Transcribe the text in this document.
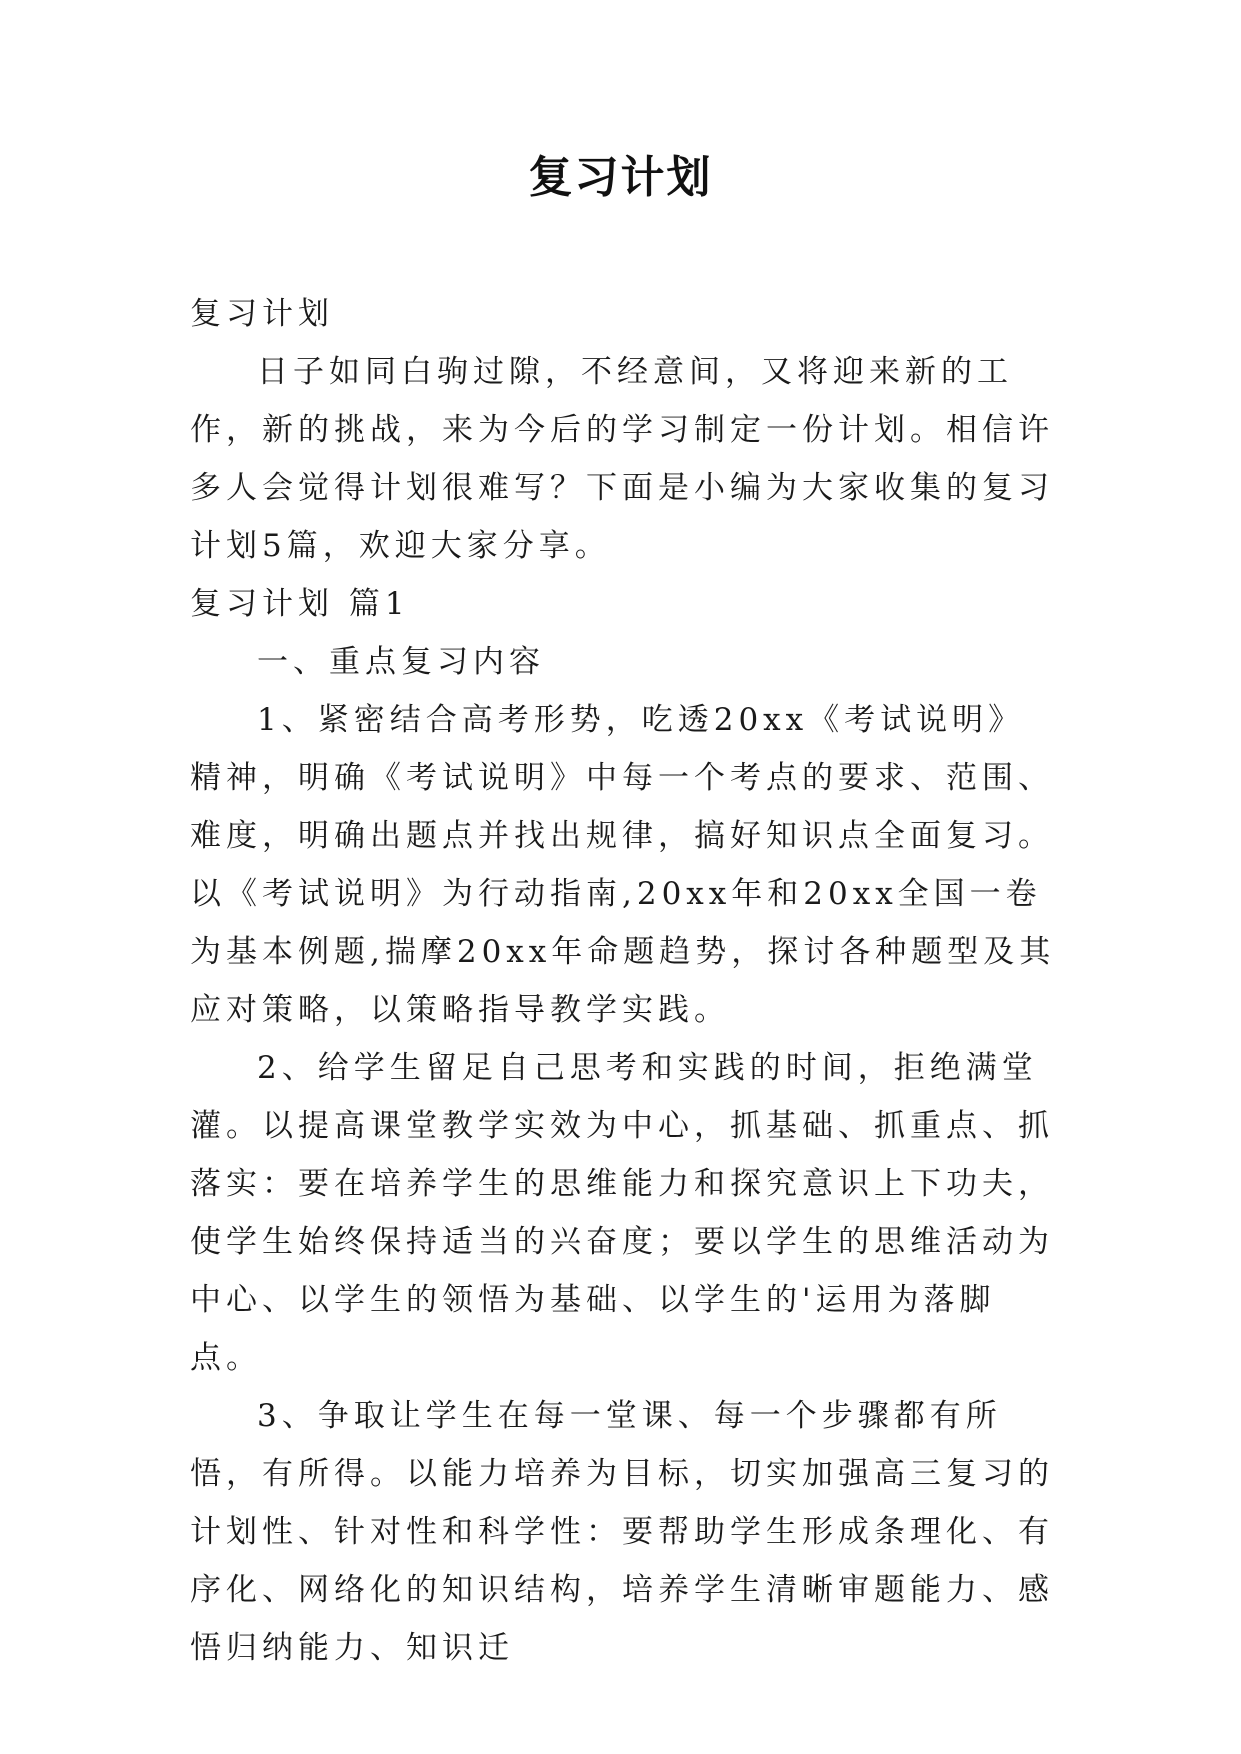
复习计划

复习计划

日子如同白驹过隙，不经意间，又将迎来新的工作，新的挑战，来为今后的学习制定一份计划。相信许多人会觉得计划很难写？下面是小编为大家收集的复习计划5篇，欢迎大家分享。

复习计划 篇1

一、重点复习内容

1、紧密结合高考形势，吃透20xx《考试说明》精神，明确《考试说明》中每一个考点的要求、范围、难度，明确出题点并找出规律，搞好知识点全面复习。以《考试说明》为行动指南,20xx年和20xx全国一卷为基本例题,揣摩20xx年命题趋势，探讨各种题型及其应对策略，以策略指导教学实践。

2、给学生留足自己思考和实践的时间，拒绝满堂灌。以提高课堂教学实效为中心，抓基础、抓重点、抓落实：要在培养学生的思维能力和探究意识上下功夫，使学生始终保持适当的兴奋度；要以学生的思维活动为中心、以学生的领悟为基础、以学生的'运用为落脚点。

3、争取让学生在每一堂课、每一个步骤都有所悟，有所得。以能力培养为目标，切实加强高三复习的计划性、针对性和科学性：要帮助学生形成条理化、有序化、网络化的知识结构，培养学生清晰审题能力、感悟归纳能力、知识迁
